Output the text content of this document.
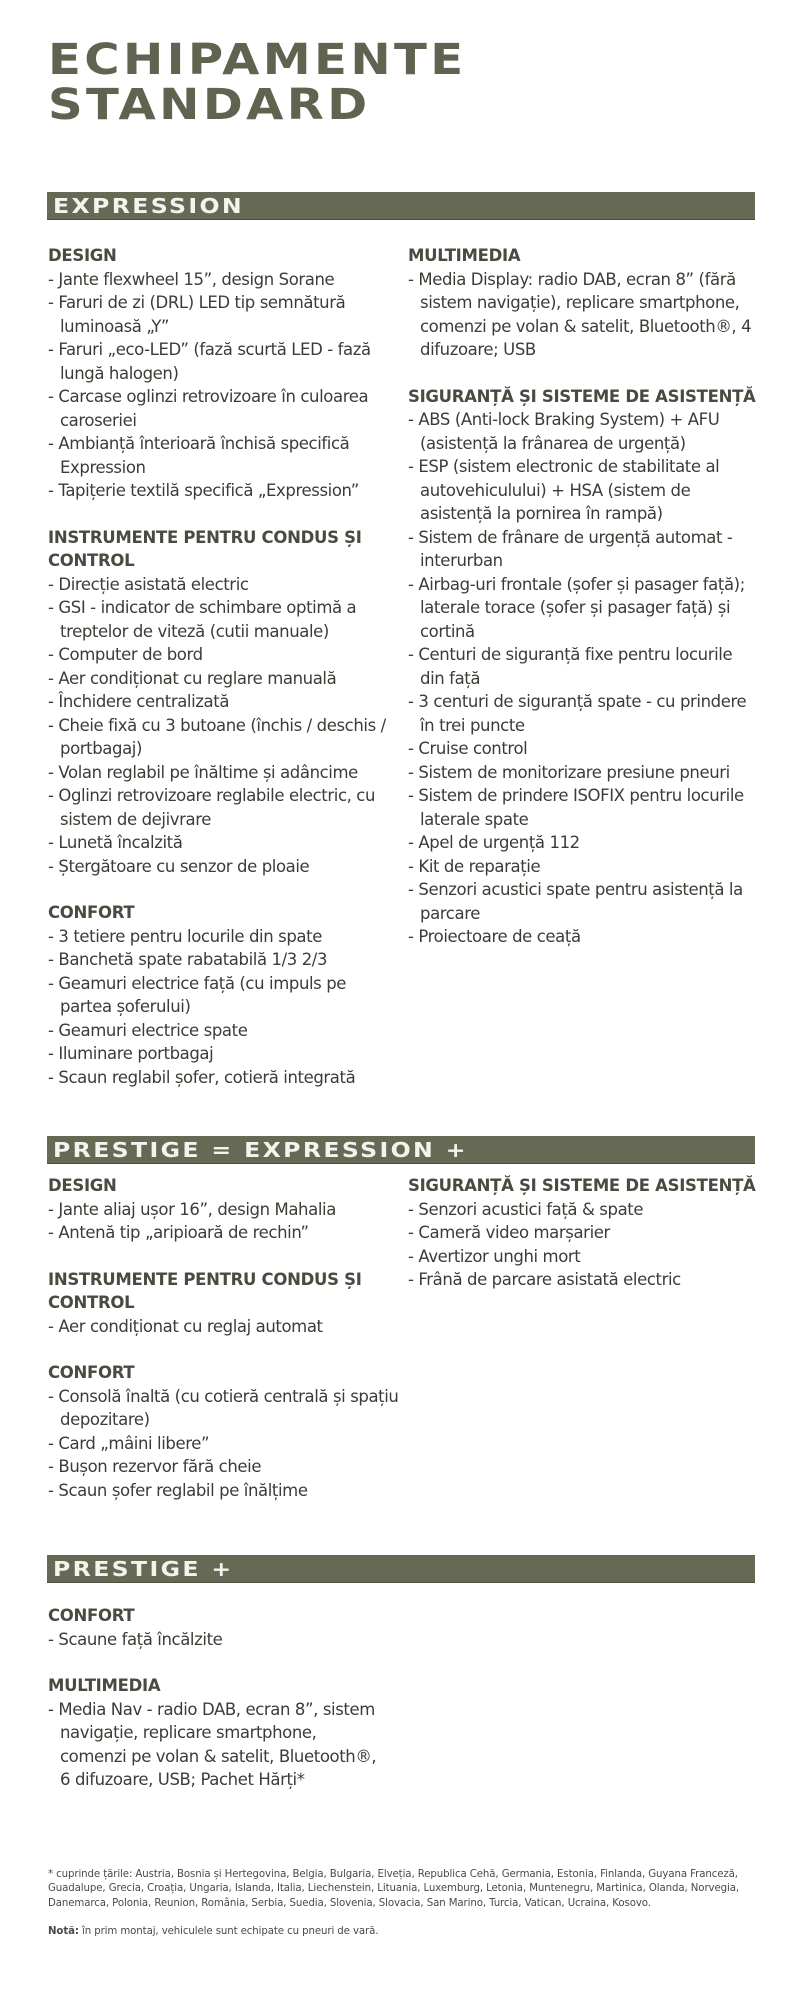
ECHIPAMENTE
STANDARD
EXPRESSION
DESIGN
- Jante flexwheel 15”, design Sorane
- Faruri de zi (DRL) LED tip semnătură luminoasă „Y”
- Faruri „eco-LED” (fază scurtă LED - fază lungă halogen)
- Carcase oglinzi retrovizoare în culoarea caroseriei
- Ambianță înterioară închisă specifică Expression
- Tapițerie textilă specifică „Expression”
INSTRUMENTE PENTRU CONDUS ȘI CONTROL
- Direcție asistată electric
- GSI - indicator de schimbare optimă a treptelor de viteză (cutii manuale)
- Computer de bord
- Aer condiționat cu reglare manuală
- Închidere centralizată
- Cheie fixă cu 3 butoane (închis / deschis / portbagaj)
- Volan reglabil pe înăltime și adâncime
- Oglinzi retrovizoare reglabile electric, cu sistem de dejivrare
- Lunetă încalzită
- Ștergătoare cu senzor de ploaie
CONFORT
- 3 tetiere pentru locurile din spate
- Banchetă spate rabatabilă 1/3 2/3
- Geamuri electrice față (cu impuls pe partea șoferului)
- Geamuri electrice spate
- Iluminare portbagaj
- Scaun reglabil șofer, cotieră integrată
MULTIMEDIA
- Media Display: radio DAB, ecran 8” (fără sistem navigație), replicare smartphone, comenzi pe volan & satelit, Bluetooth®, 4 difuzoare; USB
SIGURANȚĂ ȘI SISTEME DE ASISTENȚĂ
- ABS (Anti-lock Braking System) + AFU (asistență la frânarea de urgență)
- ESP (sistem electronic de stabilitate al autovehiculului) + HSA (sistem de asistență la pornirea în rampă)
- Sistem de frânare de urgență automat - interurban
- Airbag-uri frontale (șofer și pasager față); laterale torace (șofer și pasager față) și cortină
- Centuri de siguranță fixe pentru locurile din față
- 3 centuri de siguranță spate - cu prindere în trei puncte
- Cruise control
- Sistem de monitorizare presiune pneuri
- Sistem de prindere ISOFIX pentru locurile laterale spate
- Apel de urgență 112
- Kit de reparație
- Senzori acustici spate pentru asistență la parcare
- Proiectoare de ceață
PRESTIGE = EXPRESSION +
DESIGN
- Jante aliaj ușor 16”, design Mahalia
- Antenă tip „aripioară de rechin”
INSTRUMENTE PENTRU CONDUS ȘI CONTROL
- Aer condiționat cu reglaj automat
CONFORT
- Consolă înaltă (cu cotieră centrală și spațiu depozitare)
- Card „mâini libere”
- Bușon rezervor fără cheie
- Scaun șofer reglabil pe înălțime
SIGURANȚĂ ȘI SISTEME DE ASISTENȚĂ
- Senzori acustici față & spate
- Cameră video marșarier
- Avertizor unghi mort
- Frână de parcare asistată electric
PRESTIGE +
CONFORT
- Scaune față încălzite
MULTIMEDIA
- Media Nav - radio DAB, ecran 8”, sistem navigație, replicare smartphone, comenzi pe volan & satelit, Bluetooth®, 6 difuzoare, USB; Pachet Hărți*

* cuprinde țările: Austria, Bosnia și Hertegovina, Belgia, Bulgaria, Elveția, Republica Cehă, Germania, Estonia, Finlanda, Guyana Franceză, Guadalupe, Grecia, Croația, Ungaria, Islanda, Italia, Liechenstein, Lituania, Luxemburg, Letonia, Muntenegru, Martinica, Olanda, Norvegia, Danemarca, Polonia, Reunion, România, Serbia, Suedia, Slovenia, Slovacia, San Marino, Turcia, Vatican, Ucraina, Kosovo.

Notă: în prim montaj, vehiculele sunt echipate cu pneuri de vară.
